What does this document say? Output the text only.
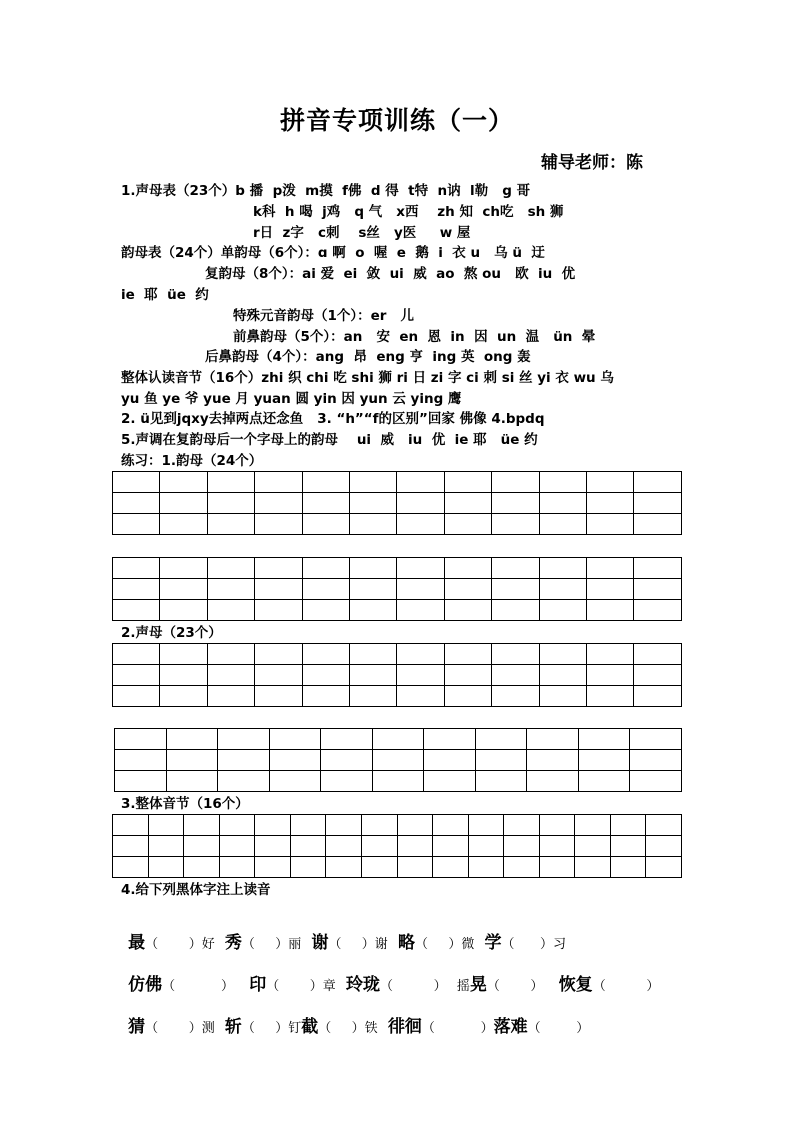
拼音专项训练（一）
辅导老师：陈
1.声母表（23个）b 播  p泼  m摸  f佛  d 得  t特  n讷  l勒   g 哥
k科  h 喝  j鸡   q 气   x西    zh 知  ch吃   sh 狮
r日  z字   c刺    s丝   y医     w 屋
韵母表（24个）单韵母（6个）：ɑ 啊  o  喔  e  鹅  i  衣 u   乌 ü  迂
复韵母（8个）：ai 爱  ei  敛  ui  威  ao  熬 ou   欧  iu  优
ie  耶  üe  约
特殊元音韵母（1个）：er   儿
前鼻韵母（5个）：an   安  en  恩  in  因  un  温   ün  晕
后鼻韵母（4个）：ang  昂  eng 亨  ing 英  ong 轰
整体认读音节（16个）zhi 织 chi 吃 shi 狮 ri 日 zi 字 ci 刺 si 丝 yi 衣 wu 乌
yu 鱼 ye 爷 yue 月 yuan 圆 yin 因 yun 云 ying 鹰
2. ü见到jqxy去掉两点还念鱼   3. “h”“f的区别”回家 佛像 4.bpdq
5.声调在复韵母后一个字母上的韵母    ui  威   iu  优  ie 耶   üe 约
练习：1.韵母（24个）

2.声母（23个）

3.整体音节（16个）

4.给下列黑体字注上读音

最（ ）好 秀（ ）丽 谢（ ）谢 略（ ）微 学（ ）习

仿佛（	） 印（ ）章 玲珑（	） 摇晃（ ） 恢复（	）

猜（ ）测 斩（ ）钉截（ ）铁 徘徊（	）落难（	）
